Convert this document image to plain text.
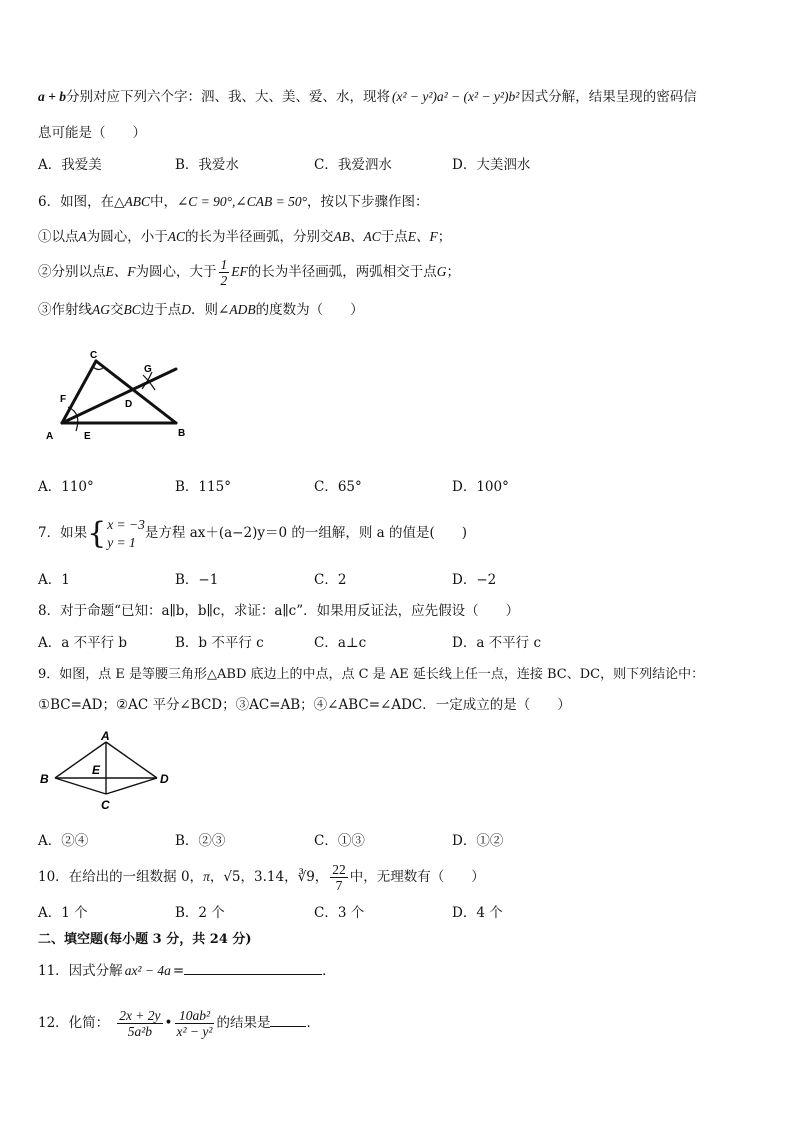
a + b分别对应下列六个字：泗、我、大、美、爱、水，现将 (x² − y²)a² − (x² − y²)b² 因式分解，结果呈现的密码信
息可能是（　　）
A．我爱美	B．我爱水	C．我爱泗水	D．大美泗水
6．如图，在△ABC中，∠C = 90°,∠CAB = 50°，按以下步骤作图：
①以点A为圆心，小于AC的长为半径画弧，分别交AB、AC于点E、F；
②分别以点E、F为圆心，大于 $\frac{1}{2}$ EF的长为半径画弧，两弧相交于点G；
③作射线AG交BC边于点D．则∠ADB的度数为（　　）
C
G
F	D
A	E	B
A．110°	B．115°	C．65°	D．100°
7．如果{ x = −3
y = 1
是方程 ax＋(a−2)y＝0 的一组解，则 a 的值是(　　)
A．1	B．−1	C．2	D．−2
8．对于命题“已知：a∥b，b∥c，求证：a∥c”．如果用反证法，应先假设（　　）
A．a 不平行 b	B．b 不平行 c	C．a⊥c	D．a 不平行 c
9．如图，点 E 是等腰三角形△ABD 底边上的中点，点 C 是 AE 延长线上任一点，连接 BC、DC，则下列结论中：
①BC=AD；②AC 平分∠BCD；③AC=AB；④∠ABC=∠ADC．一定成立的是（　　）
A
B
E
D
C
A．②④	B．②③	C．①③	D．①②
10．在给出的一组数据 0，π，√5，3.14，∛9， $\frac{22}{7}$ 中，无理数有（　　）
A．1 个	B．2 个	C．3 个	D．4 个
二、填空题(每小题 3 分，共 24 分)
11．因式分解 ax² − 4a =	．
12．化简： $\frac{2x + 2y}{\text{5a²b}}$ • $\frac{\text{10ab²}}{\text{x² − y²}}$ 的结果是	．
